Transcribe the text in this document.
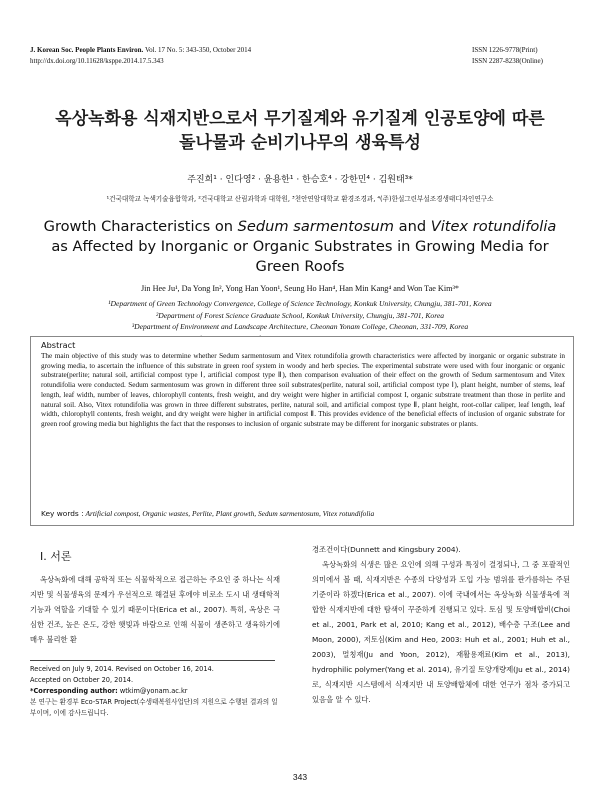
J. Korean Soc. People Plants Environ. Vol. 17 No. 5: 343-350, October 2014
http://dx.doi.org/10.11628/ksppe.2014.17.5.343
ISSN 1226-9778(Print)
ISSN 2287-8238(Online)
옥상녹화용 식재지반으로서 무기질계와 유기질계 인공토양에 따른
돌나물과 순비기나무의 생육특성
주진희¹ · 인다영² · 윤용한¹ · 한승호⁴ · 강한민⁴ · 김원태³*
¹건국대학교 녹색기술융합학과, ²건국대학교 산림과학과 대학원, ³천안연암대학교 환경조경과, ⁴(주)한설그린부설조경생태디자인연구소
Growth Characteristics on Sedum sarmentosum and Vitex rotundifolia
as Affected by Inorganic or Organic Substrates in Growing Media for
Green Roofs
Jin Hee Ju¹, Da Yong In², Yong Han Yoon¹, Seung Ho Han⁴, Han Min Kang⁴ and Won Tae Kim³*
¹Department of Green Technology Convergence, College of Science Technology, Konkuk University, Chungju, 381-701, Korea
²Department of Forest Science Graduate School, Konkuk University, Chungju, 381-701, Korea
³Department of Environment and Landscape Architecture, Cheonan Yonam College, Cheonan, 331-709, Korea
Abstract
The main objective of this study was to determine whether Sedum sarmentosum and Vitex rotundifolia growth characteristics were affected by inorganic or organic substrate in growing media, to ascertain the influence of this substrate in green roof system in woody and herb species. The experimental substrate were used with four inorganic or organic substrate(perlite; natural soil, artificial compost type Ⅰ, artificial compost type Ⅱ), then comparison evaluation of their effect on the growth of Sedum sarmentosum and Vitex rotundifolia were conducted. Sedum sarmentosum was grown in different three soil substrates(perlite, natural soil, artificial compost type Ⅰ), plant height, number of stems, leaf length, leaf width, number of leaves, chlorophyll contents, fresh weight, and dry weight were higher in artificial compost I, organic substrate treatment than those in perlite and natural soil. Also, Vitex rotundifolia was grown in three different substrates, perlite, natural soil, and artificial compost type Ⅱ, plant height, root-collar caliper, leaf length, leaf width, chlorophyll contents, fresh weight, and dry weight were higher in artificial compost Ⅱ. This provides evidence of the beneficial effects of inclusion of organic substrate for green roof growing media but highlights the fact that the responses to inclusion of organic substrate may be different for inorganic substrates or plants.
Key words : Artificial compost, Organic wastes, Perlite, Plant growth, Sedum sarmentosum, Vitex rotundifolia
Ⅰ. 서론

옥상녹화에 대해 공학적 또는 식물학적으로 접근하는 주요인 중 하나는 식재지반 및 식물생육의 문제가 우선적으로 해결된 후에야 비로소 도시 내 생태학적 기능과 역할을 기대할 수 있기 때문이다(Erica et al., 2007). 특히, 옥상은 극심한 건조, 높은 온도, 강한 햇빛과 바람으로 인해 식물이 생존하고 생육하기에 매우 불리한 환

경조건이다(Dunnett and Kingsbury 2004).

옥상녹화의 식생은 많은 요인에 의해 구성과 특징이 결정되나, 그 중 포괄적인 의미에서 볼 때, 식재지반은 수종의 다양성과 도입 가능 범위를 판가름하는 주된 기준이라 하겠다(Erica et al., 2007). 이에 국내에서는 옥상녹화 식물생육에 적합한 식재지반에 대한 탐색이 꾸준하게 진행되고 있다. 토심 및 토양배합비(Choi et al., 2001, Park et al, 2010; Kang et al., 2012), 배수층 구조(Lee and Moon, 2000), 저토심(Kim and Heo, 2003: Huh et al., 2001; Huh et al., 2003), 멀칭재(Ju and Yoon, 2012), 재활용재료(Kim et al., 2013), hydrophilic polymer(Yang et al. 2014), 유기질 토양개량제(Ju et al., 2014)로, 식재지반 시스템에서 식재지반 내 토양배합체에 대한 연구가 점차 증가되고 있음을 알 수 있다.

Received on July 9, 2014. Revised on October 16, 2014.
Accepted on October 20, 2014.
*Corresponding author: wtkim@yonam.ac.kr
본 연구는 환경부 Eco-STAR Project(수생태복원사업단)의 지원으로 수행된 결과의 일부이며, 이에 감사드립니다.
343
